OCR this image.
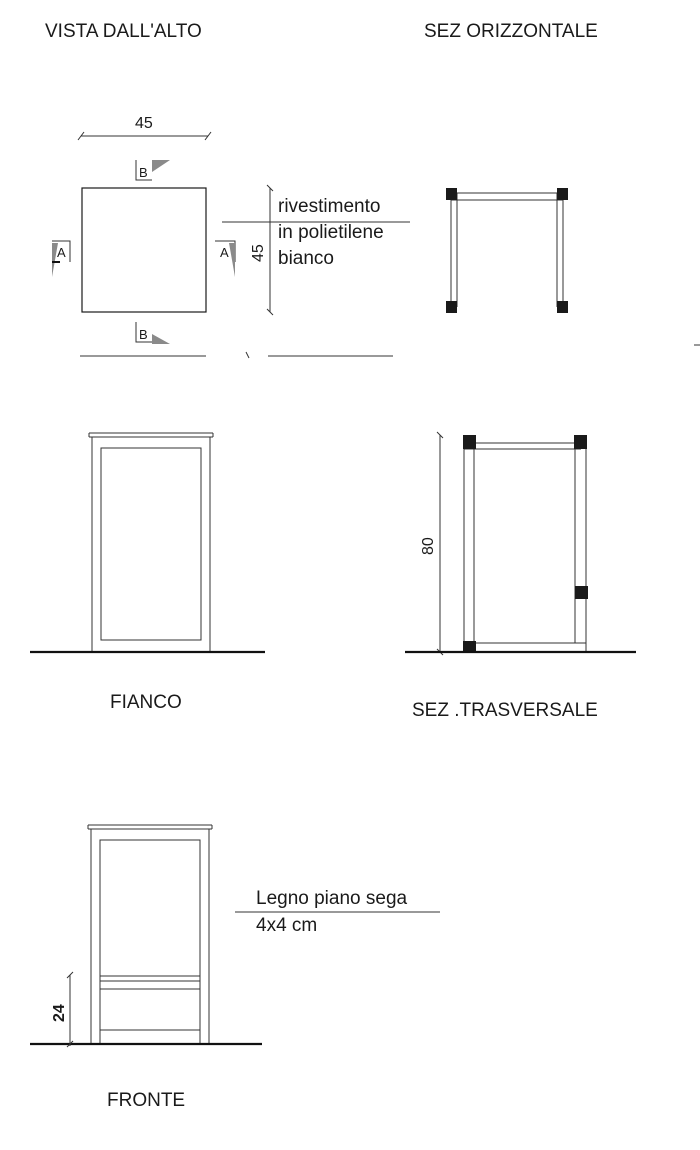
VISTA DALL'ALTO	SEZ ORIZZONTALE
45
B
B
A	A 45
rivestimento
in polietilene
bianco
FIANCO
80
SEZ .TRASVERSALE
24
FRONTE
Legno piano sega
4x4 cm
